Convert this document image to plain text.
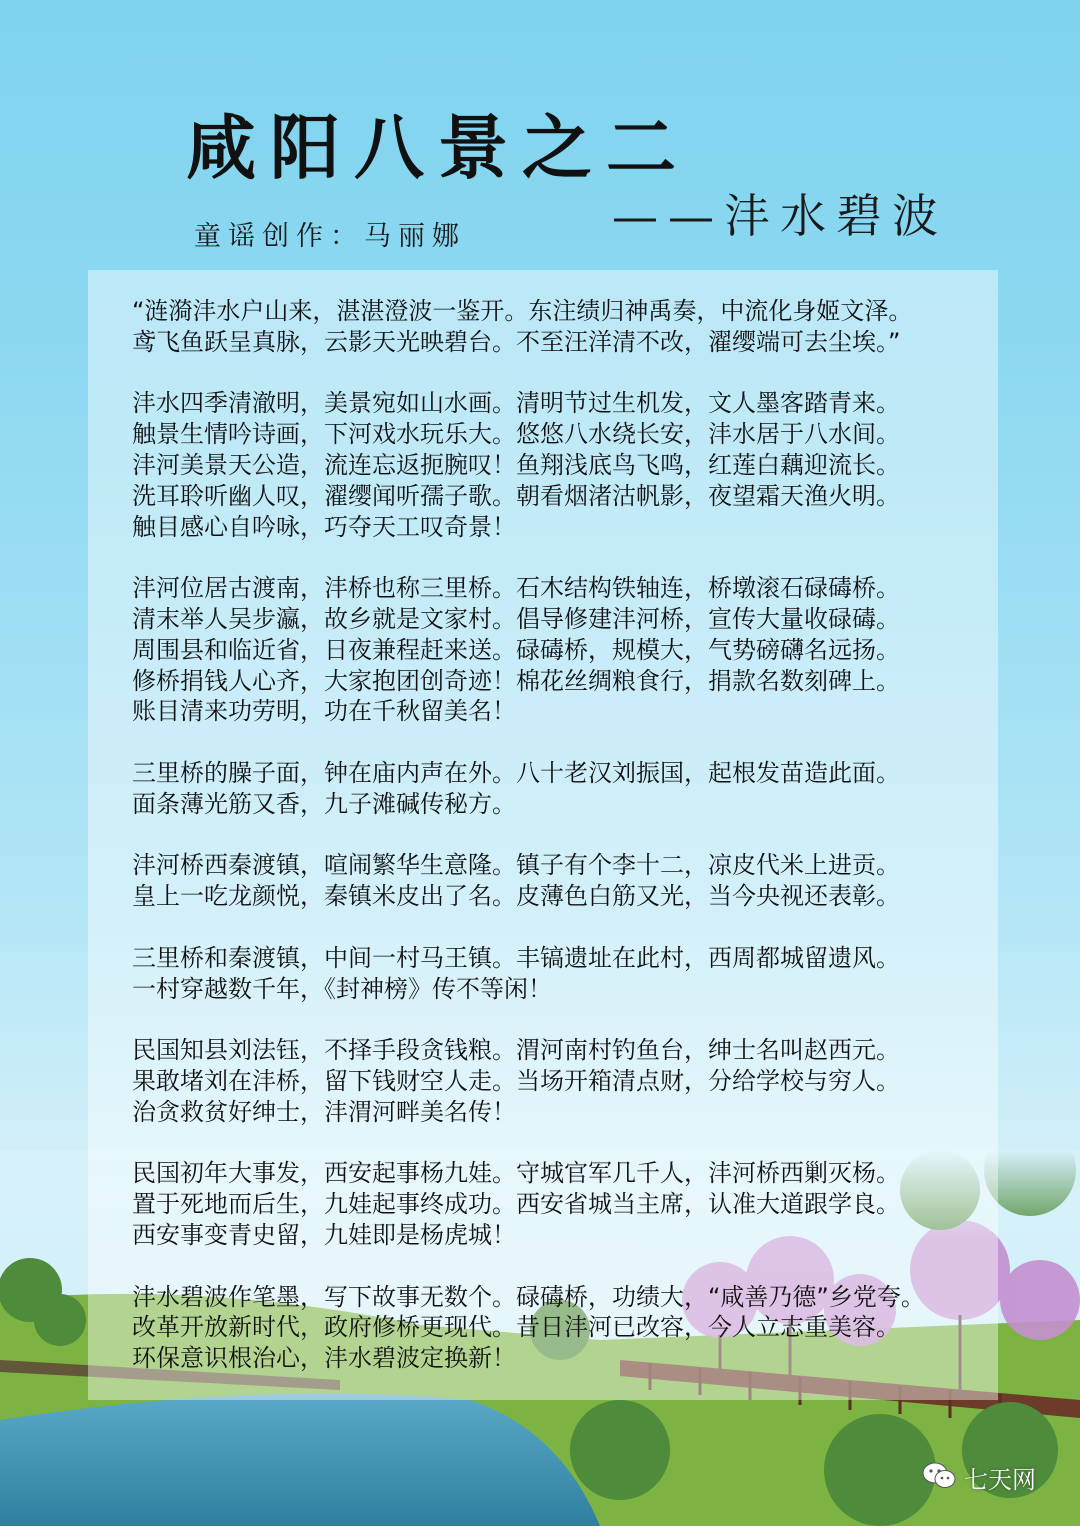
咸阳八景之二
——沣水碧波
童谣创作：马丽娜
“涟漪沣水户山来，湛湛澄波一鉴开。东注绩归神禹奏，中流化身姬文泽。
鸢飞鱼跃呈真脉，云影天光映碧台。不至汪洋清不改，濯缨端可去尘埃。”
沣水四季清澈明，美景宛如山水画。清明节过生机发，文人墨客踏青来。
触景生情吟诗画，下河戏水玩乐大。悠悠八水绕长安，沣水居于八水间。
沣河美景天公造，流连忘返扼腕叹！鱼翔浅底鸟飞鸣，红莲白藕迎流长。
洗耳聆听幽人叹，濯缨闻听孺子歌。朝看烟渚沽帆影，夜望霜天渔火明。
触目感心自吟咏，巧夺天工叹奇景！
沣河位居古渡南，沣桥也称三里桥。石木结构铁轴连，桥墩滚石碌碡桥。
清末举人吴步瀛，故乡就是文家村。倡导修建沣河桥，宣传大量收碌碡。
周围县和临近省，日夜兼程赶来送。碌碡桥，规模大，气势磅礴名远扬。
修桥捐钱人心齐，大家抱团创奇迹！棉花丝绸粮食行，捐款名数刻碑上。
账目清来功劳明，功在千秋留美名！
三里桥的臊子面，钟在庙内声在外。八十老汉刘振国，起根发苗造此面。
面条薄光筋又香，九子滩碱传秘方。
沣河桥西秦渡镇，喧闹繁华生意隆。镇子有个李十二，凉皮代米上进贡。
皇上一吃龙颜悦，秦镇米皮出了名。皮薄色白筋又光，当今央视还表彰。
三里桥和秦渡镇，中间一村马王镇。丰镐遗址在此村，西周都城留遗风。
一村穿越数千年，《封神榜》传不等闲！
民国知县刘法钰，不择手段贪钱粮。渭河南村钓鱼台，绅士名叫赵西元。
果敢堵刘在沣桥，留下钱财空人走。当场开箱清点财，分给学校与穷人。
治贪救贫好绅士，沣渭河畔美名传！
民国初年大事发，西安起事杨九娃。守城官军几千人，沣河桥西剿灭杨。
置于死地而后生，九娃起事终成功。西安省城当主席，认准大道跟学良。
西安事变青史留，九娃即是杨虎城！
沣水碧波作笔墨，写下故事无数个。碌碡桥，功绩大，“咸善乃德”乡党夸。
改革开放新时代，政府修桥更现代。昔日沣河已改容，今人立志重美容。
环保意识根治心，沣水碧波定换新！
七天网
